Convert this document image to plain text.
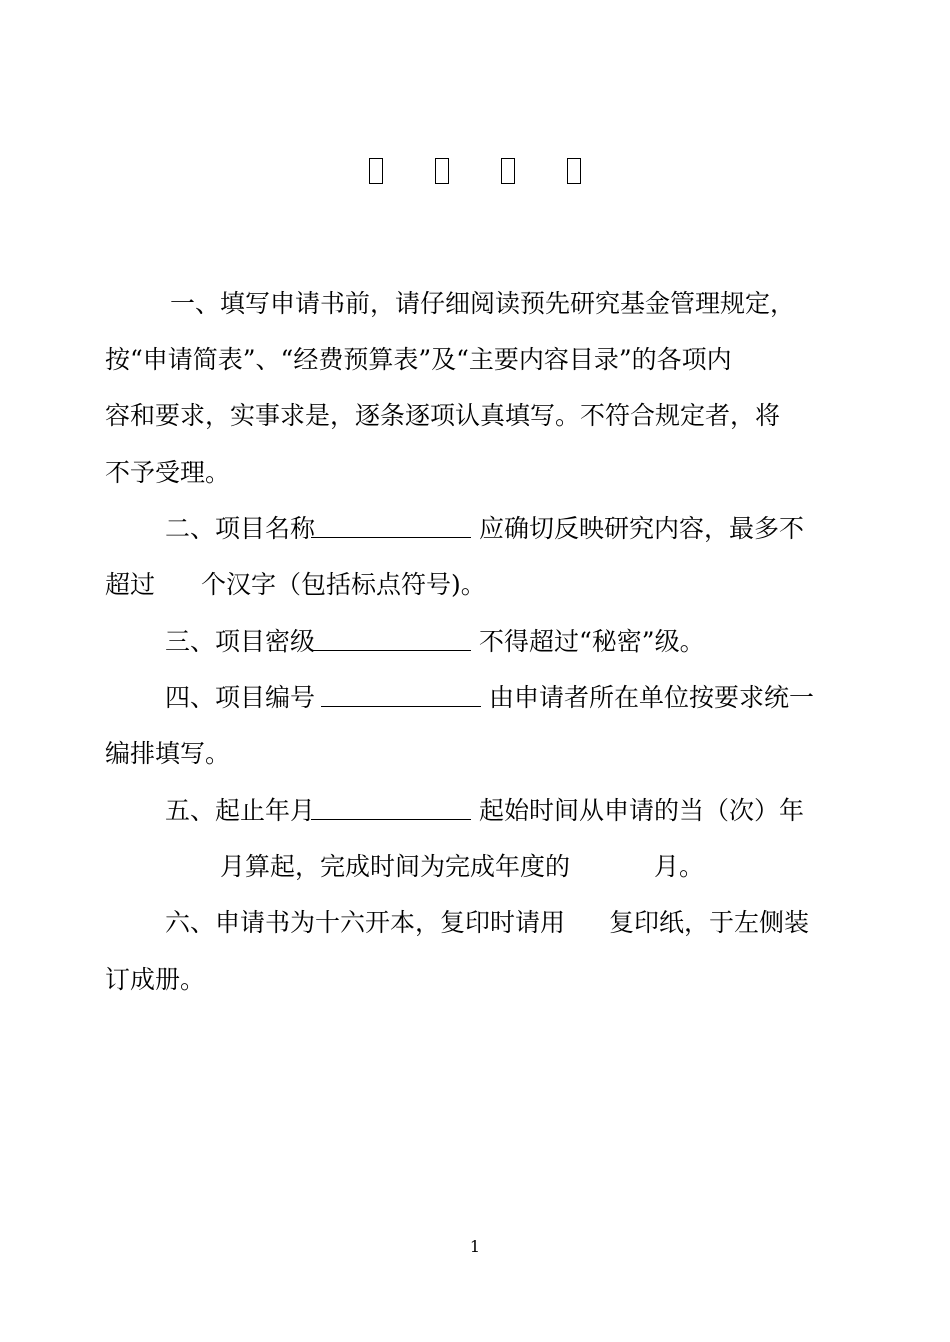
一、填写申请书前，请仔细阅读预先研究基金管理规定，
按“申请简表”、“经费预算表”及“主要内容目录”的各项内
容和要求，实事求是，逐条逐项认真填写。不符合规定者，将
不予受理。
二、项目名称	应确切反映研究内容，最多不
超过 个汉字（包括标点符号)。
三、项目密级	不得超过“秘密”级。
四、项目编号	由申请者所在单位按要求统一
编排填写。
五、起止年月	起始时间从申请的当（次）年
月算起，完成时间为完成年度的	月。
六、申请书为十六开本，复印时请用 复印纸，于左侧装
订成册。
1
